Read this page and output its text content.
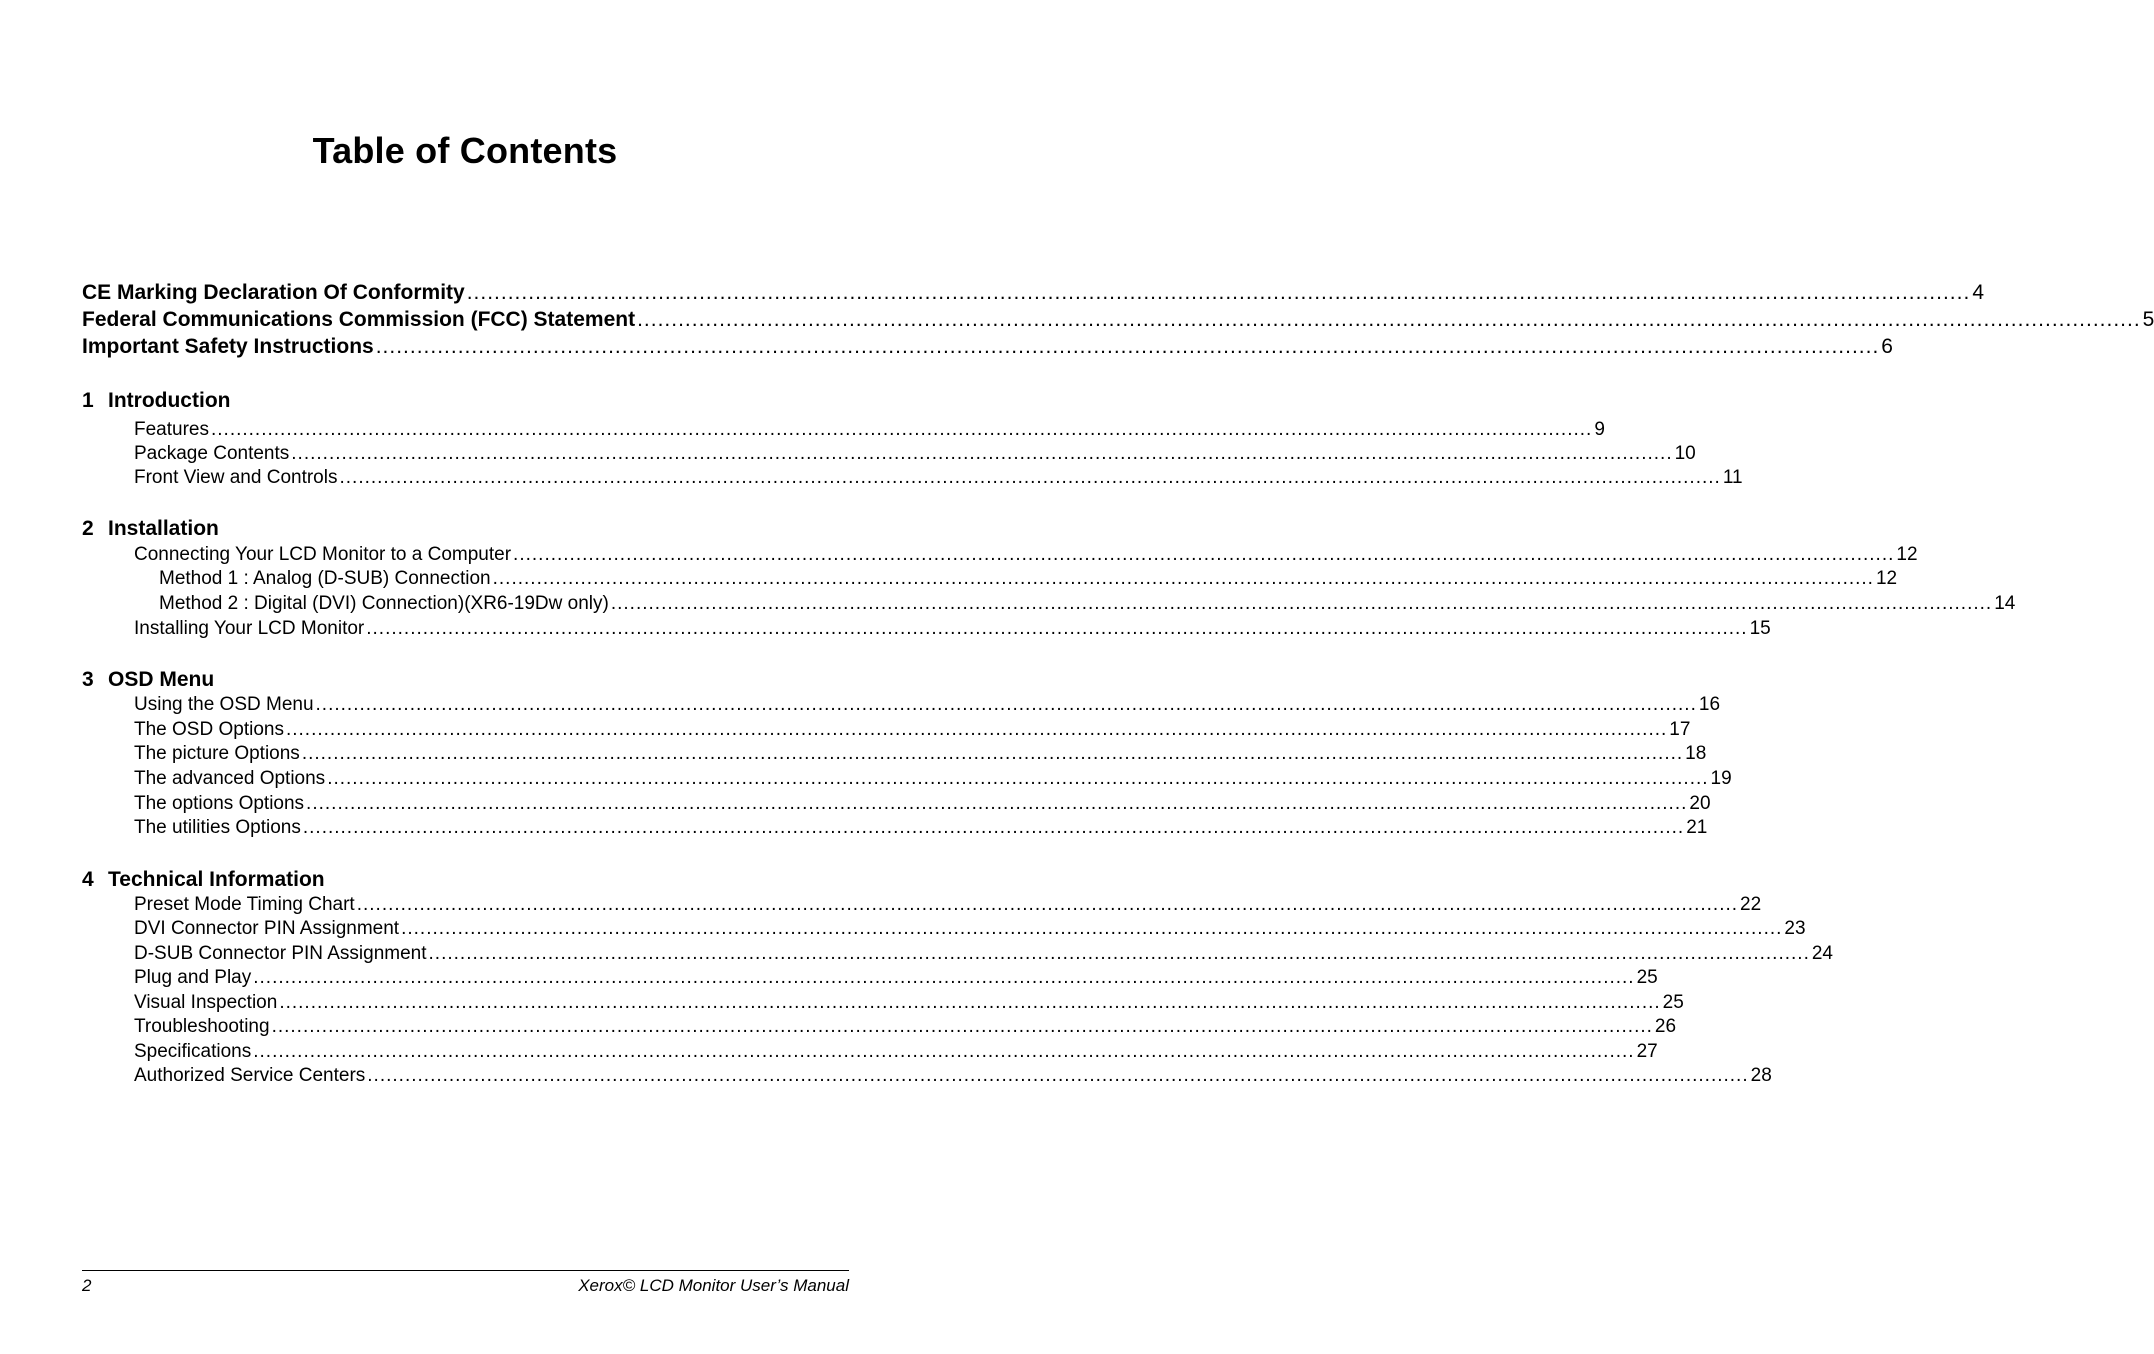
Table of Contents
CE Marking Declaration Of Conformity ............................................................................................................................................................................................................................ 4
Federal Communications Commission (FCC) Statement ............................................................................................................................................................................................................................ 5
Important Safety Instructions ............................................................................................................................................................................................................................ 6
1 Introduction
Features ............................................................................................................................................................................................................................ 9
Package Contents ............................................................................................................................................................................................................................ 10
Front View and Controls ............................................................................................................................................................................................................................ 11
2 Installation
Connecting Your LCD Monitor to a Computer ............................................................................................................................................................................................................................ 12
Method 1 : Analog (D-SUB) Connection ............................................................................................................................................................................................................................ 12
Method 2 : Digital (DVI) Connection)(XR6-19Dw only) ............................................................................................................................................................................................................................ 14
Installing Your LCD Monitor ............................................................................................................................................................................................................................ 15
3 OSD Menu
Using the OSD Menu ............................................................................................................................................................................................................................ 16
The OSD Options ............................................................................................................................................................................................................................ 17
The picture Options ............................................................................................................................................................................................................................ 18
The advanced Options ............................................................................................................................................................................................................................ 19
The options Options ............................................................................................................................................................................................................................ 20
The utilities Options ............................................................................................................................................................................................................................ 21
4 Technical Information
Preset Mode Timing Chart ............................................................................................................................................................................................................................ 22
DVI Connector PIN Assignment ............................................................................................................................................................................................................................ 23
D-SUB Connector PIN Assignment ............................................................................................................................................................................................................................ 24
Plug and Play ............................................................................................................................................................................................................................ 25
Visual Inspection ............................................................................................................................................................................................................................ 25
Troubleshooting ............................................................................................................................................................................................................................ 26
Specifications ............................................................................................................................................................................................................................ 27
Authorized Service Centers ............................................................................................................................................................................................................................ 28
2	Xerox© LCD Monitor User’s Manual
